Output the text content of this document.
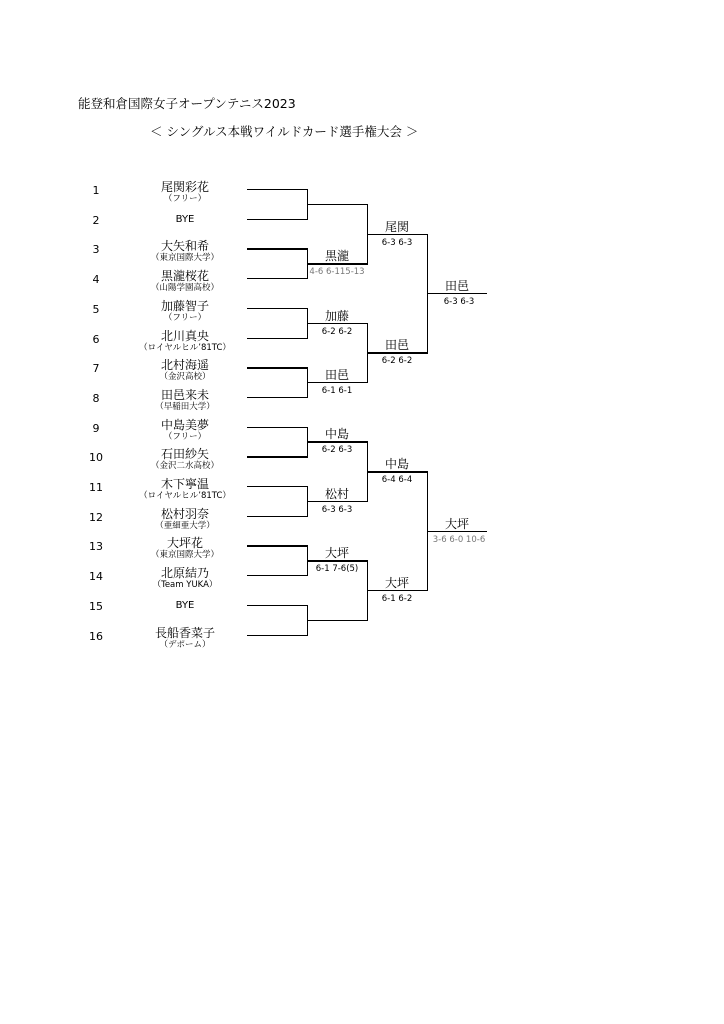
能登和倉国際女子オープンテニス2023
＜ シングルス本戦ワイルドカード選手権大会 ＞
1	尾関彩花
（フリー）
2	BYE
3	大矢和希
（東京国際大学）
4	黒瀧桜花
（山陽学園高校）
5	加藤智子
（フリー）
6	北川真央
（ロイヤルヒル’81TC）
7	北村海遥
（金沢高校）
8	田邑来未
（早稲田大学）
9	中島美夢
（フリー）
10	石田紗矢
（金沢二水高校）
11	木下寧温
（ロイヤルヒル’81TC）
12	松村羽奈
（亜細亜大学）
13	大坪花
（東京国際大学）
14	北原結乃
（Team YUKA）
15	BYE
16	長船香菜子
（デポーム）
黒瀧
4-6 6-115-13
加藤
6-2 6-2
田邑
6-1 6-1
中島
6-2 6-3
松村
6-3 6-3
大坪
6-1 7-6(5)
尾関
6-3 6-3
田邑
6-2 6-2
中島
6-4 6-4
大坪
6-1 6-2
田邑
6-3 6-3
大坪
3-6 6-0 10-6
